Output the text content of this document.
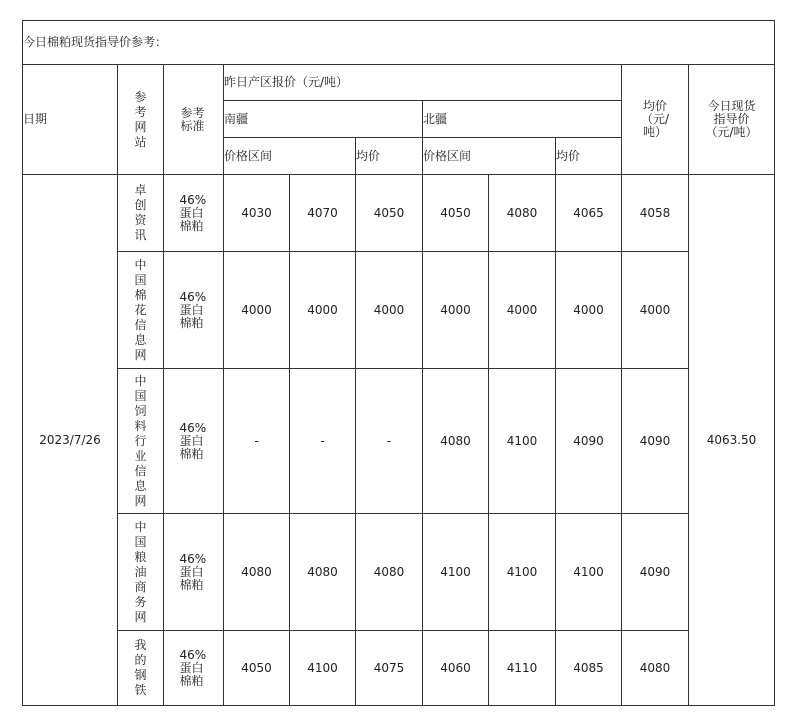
今日棉粕现货指导价参考：										
日期	参考网站	参考标准	昨日产区报价（元/吨）						均价（元/吨）	今日现货指导价（元/吨）
			南疆			北疆				
			价格区间		均价	价格区间		均价		
2023/7/26	卓创资讯	46%蛋白棉粕	4030	4070	4050	4050	4080	4065	4058	4063.50
	中国棉花信息网	46%蛋白棉粕	4000	4000	4000	4000	4000	4000	4000	
	中国饲料行业信息网	46%蛋白棉粕	-	-	-	4080	4100	4090	4090	
	中国粮油商务网	46%蛋白棉粕	4080	4080	4080	4100	4100	4100	4090	
	我的钢铁	46%蛋白棉粕	4050	4100	4075	4060	4110	4085	4080	
